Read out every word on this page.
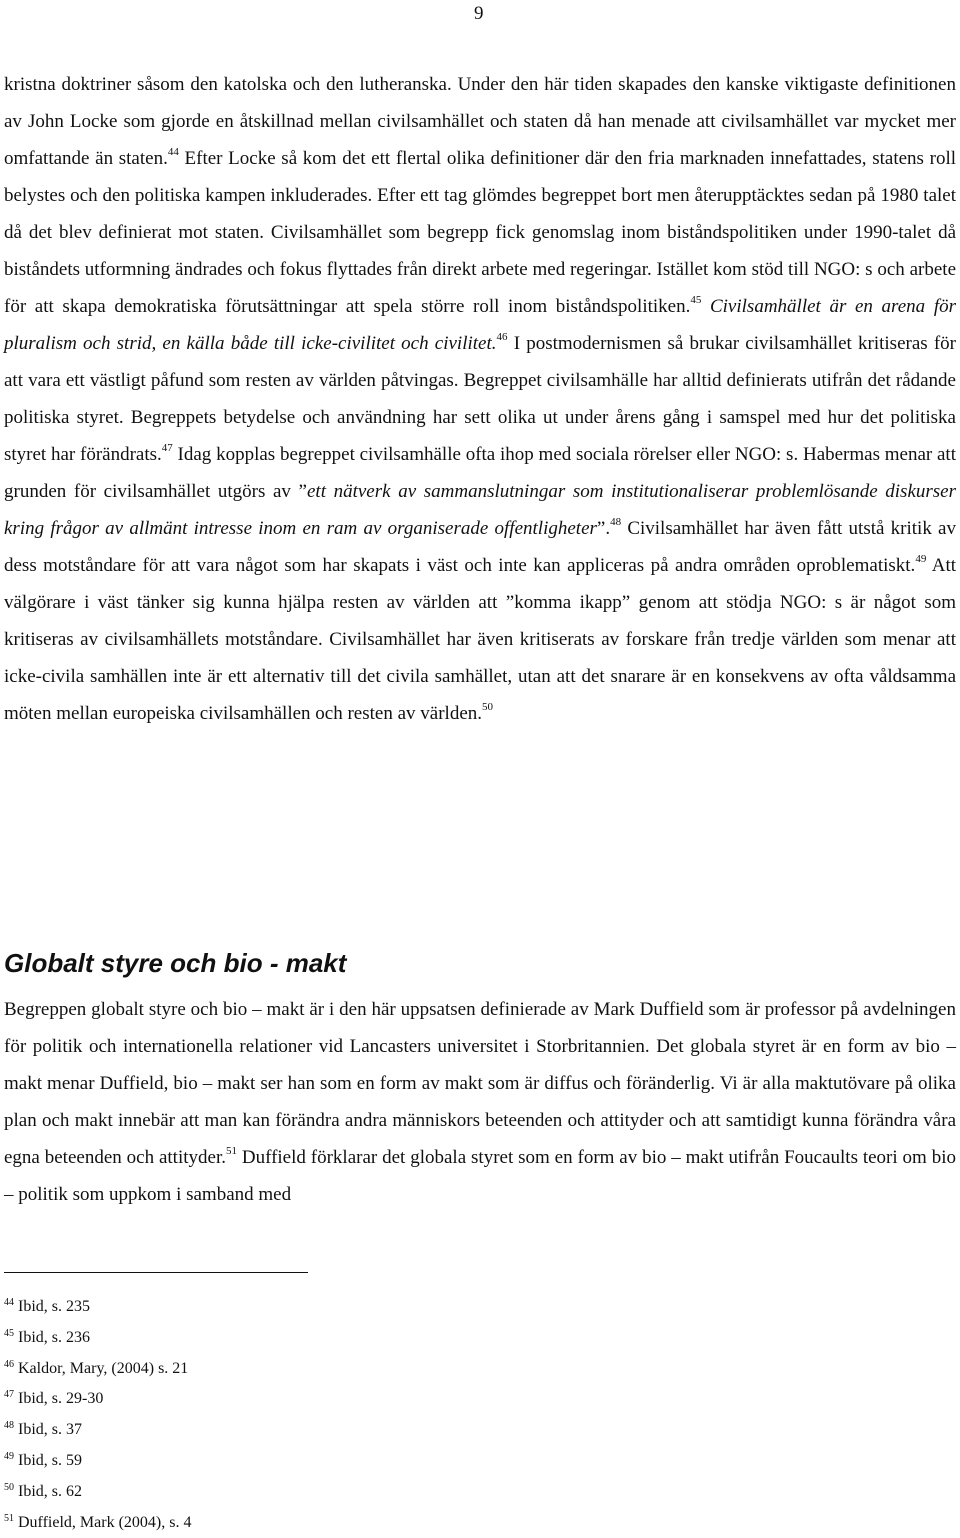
9

kristna doktriner såsom den katolska och den lutheranska. Under den här tiden skapades den kanske viktigaste definitionen av John Locke som gjorde en åtskillnad mellan civilsamhället och staten då han menade att civilsamhället var mycket mer omfattande än staten.$^{44}$ Efter Locke så kom det ett flertal olika definitioner där den fria marknaden innefattades, statens roll belystes och den politiska kampen inkluderades. Efter ett tag glömdes begreppet bort men återupptäcktes sedan på 1980 talet då det blev definierat mot staten. Civilsamhället som begrepp fick genomslag inom biståndspolitiken under 1990-talet då biståndets utformning ändrades och fokus flyttades från direkt arbete med regeringar. Istället kom stöd till NGO: s och arbete för att skapa demokratiska förutsättningar att spela större roll inom biståndspolitiken.$^{45}$ Civilsamhället är en arena för pluralism och strid, en källa både till icke-civilitet och civilitet.$^{46}$ I postmodernismen så brukar civilsamhället kritiseras för att vara ett västligt påfund som resten av världen påtvingas. Begreppet civilsamhälle har alltid definierats utifrån det rådande politiska styret. Begreppets betydelse och användning har sett olika ut under årens gång i samspel med hur det politiska styret har förändrats.$^{47}$ Idag kopplas begreppet civilsamhälle ofta ihop med sociala rörelser eller NGO: s. Habermas menar att grunden för civilsamhället utgörs av ”ett nätverk av sammanslutningar som institutionaliserar problemlösande diskurser kring frågor av allmänt intresse inom en ram av organiserade offentligheter”.$^{48}$ Civilsamhället har även fått utstå kritik av dess motståndare för att vara något som har skapats i väst och inte kan appliceras på andra områden oproblematiskt.$^{49}$ Att välgörare i väst tänker sig kunna hjälpa resten av världen att ”komma ikapp” genom att stödja NGO: s är något som kritiseras av civilsamhällets motståndare. Civilsamhället har även kritiserats av forskare från tredje världen som menar att icke-civila samhällen inte är ett alternativ till det civila samhället, utan att det snarare är en konsekvens av ofta våldsamma möten mellan europeiska civilsamhällen och resten av världen.$^{50}$

Globalt styre och bio - makt

Begreppen globalt styre och bio – makt är i den här uppsatsen definierade av Mark Duffield som är professor på avdelningen för politik och internationella relationer vid Lancasters universitet i Storbritannien. Det globala styret är en form av bio – makt menar Duffield, bio – makt ser han som en form av makt som är diffus och föränderlig. Vi är alla maktutövare på olika plan och makt innebär att man kan förändra andra människors beteenden och attityder och att samtidigt kunna förändra våra egna beteenden och attityder.$^{51}$ Duffield förklarar det globala styret som en form av bio – makt utifrån Foucaults teori om bio – politik som uppkom i samband med

$^{44}$ Ibid, s. 235
$^{45}$ Ibid, s. 236
$^{46}$ Kaldor, Mary, (2004) s. 21
$^{47}$ Ibid, s. 29-30
$^{48}$ Ibid, s. 37
$^{49}$ Ibid, s. 59
$^{50}$ Ibid, s. 62
$^{51}$ Duffield, Mark (2004), s. 4
